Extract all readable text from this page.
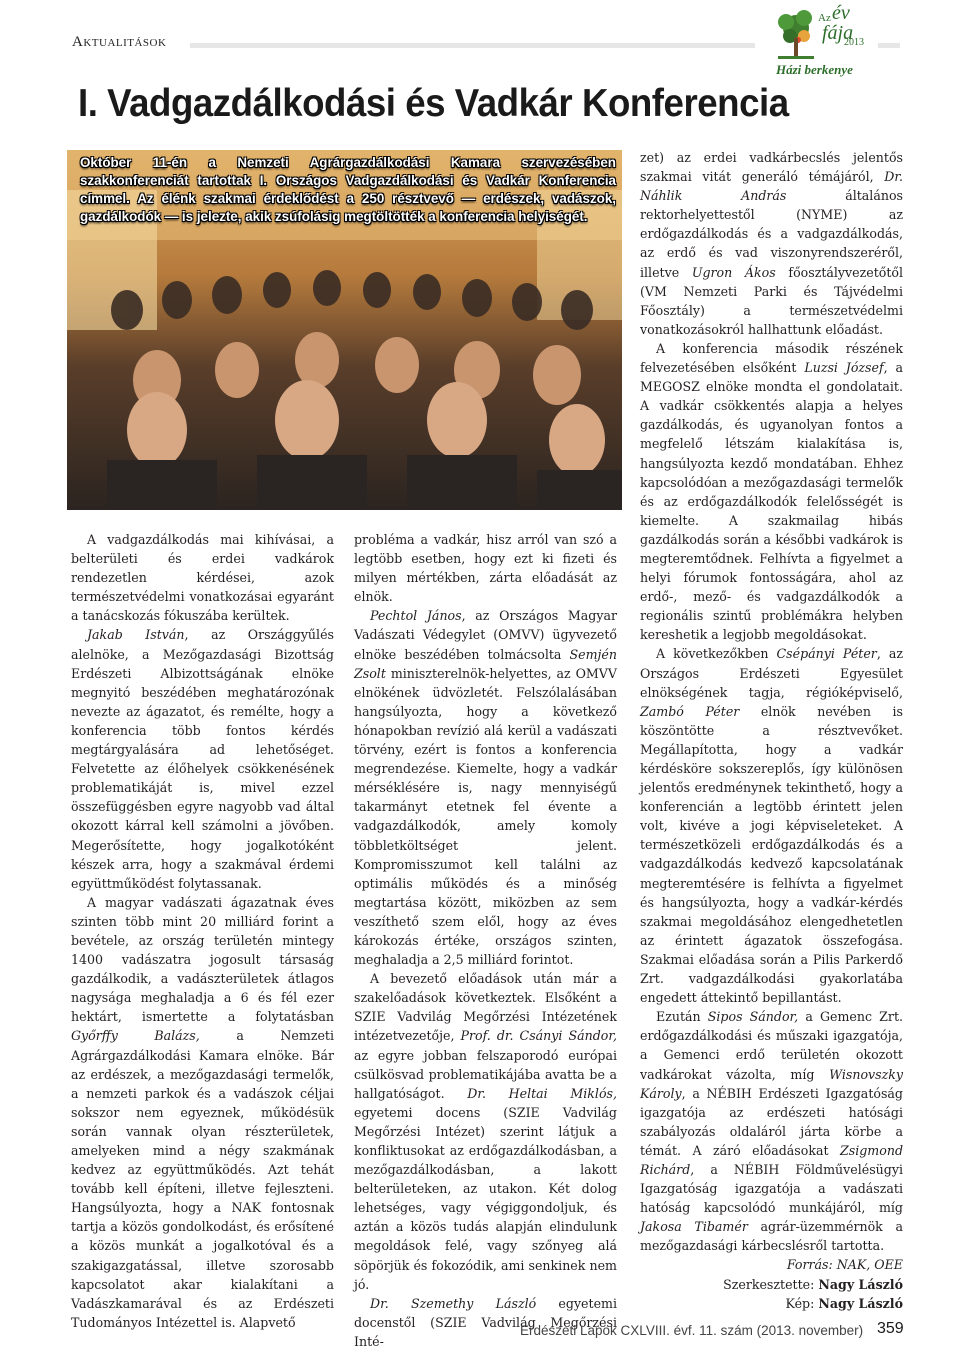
Aktualitások
Az év
fája
2013
Házi berkenye
I. Vadgazdálkodási és Vadkár Konferencia
Október 11-én a Nemzeti Agrárgazdálkodási Kamara szervezésében szakkonferenciát tartottak I. Országos Vadgazdálkodási és Vadkár Konferencia címmel. Az élénk szakmai érdeklődést a 250 résztvevő — erdészek, vadászok, gazdálkodók — is jelezte, akik zsúfolásig megtöltötték a konferencia helyiségét.

A vadgazdálkodás mai kihívásai, a belterületi és erdei vadkárok rendezetlen kérdései, azok természetvédelmi vonatkozásai egyaránt a tanácskozás fókuszába kerültek.

Jakab István, az Országgyűlés alelnöke, a Mezőgazdasági Bizottság Erdészeti Albizottságának elnöke megnyitó beszédében meghatározónak nevezte az ágazatot, és remélte, hogy a konferencia több fontos kérdés megtárgyalására ad lehetőséget. Felvetette az élőhelyek csökkenésének problematikáját is, mivel ezzel összefüggésben egyre nagyobb vad által okozott kárral kell számolni a jövőben. Megerősítette, hogy jogalkotóként készek arra, hogy a szakmával érdemi együttműködést folytassanak.

A magyar vadászati ágazatnak éves szinten több mint 20 milliárd forint a bevétele, az ország területén mintegy 1400 vadászatra jogosult társaság gazdálkodik, a vadászterületek átlagos nagysága meghaladja a 6 és fél ezer hektárt, ismertette a folytatásban Győrffy Balázs, a Nemzeti Agrárgazdálkodási Kamara elnöke. Bár az erdészek, a mezőgazdasági termelők, a nemzeti parkok és a vadászok céljai sokszor nem egyeznek, működésük során vannak olyan részterületek, amelyeken mind a négy szakmának kedvez az együttműködés. Azt tehát tovább kell építeni, illetve fejleszteni. Hangsúlyozta, hogy a NAK fontosnak tartja a közös gondolkodást, és erősítené a közös munkát a jogalkotóval és a szakigazgatással, illetve szorosabb kapcsolatot akar kialakítani a Vadászkamarával és az Erdészeti Tudományos Intézettel is. Alapvető

probléma a vadkár, hisz arról van szó a legtöbb esetben, hogy ezt ki fizeti és milyen mértékben, zárta előadását az elnök.

Pechtol János, az Országos Magyar Vadászati Védegylet (OMVV) ügyvezető elnöke beszédében tolmácsolta Semjén Zsolt miniszterelnök-helyettes, az OMVV elnökének üdvözletét. Felszólalásában hangsúlyozta, hogy a következő hónapokban revízió alá kerül a vadászati törvény, ezért is fontos a konferencia megrendezése. Kiemelte, hogy a vadkár mérséklésére is, nagy mennyiségű takarmányt etetnek fel évente a vadgazdálkodók, amely komoly többletköltséget jelent. Kompromisszumot kell találni az optimális működés és a minőség megtartása között, miközben az sem veszíthető szem elől, hogy az éves károkozás értéke, országos szinten, meghaladja a 2,5 milliárd forintot.

A bevezető előadások után már a szakelőadások következtek. Elsőként a SZIE Vadvilág Megőrzési Intézetének intézetvezetője, Prof. dr. Csányi Sándor, az egyre jobban felszaporodó európai csülkösvad problematikájába avatta be a hallgatóságot. Dr. Heltai Miklós, egyetemi docens (SZIE Vadvilág Megőrzési Intézet) szerint látjuk a konfliktusokat az erdőgazdálkodásban, a mezőgazdálkodásban, a lakott belterületeken, az utakon. Két dolog lehetséges, vagy végiggondoljuk, és aztán a közös tudás alapján elindulunk megoldások felé, vagy szőnyeg alá söpörjük és fokozódik, ami senkinek nem jó.

Dr. Szemethy László egyetemi docenstől (SZIE Vadvilág Megőrzési Inté-

zet) az erdei vadkárbecslés jelentős szakmai vitát generáló témájáról, Dr. Náhlik András általános rektorhelyettestől (NYME) az erdőgazdálkodás és a vadgazdálkodás, az erdő és vad viszonyrendszeréről, illetve Ugron Ákos főosztályvezetőtől (VM Nemzeti Parki és Tájvédelmi Főosztály) a természetvédelmi vonatkozásokról hallhattunk előadást.

A konferencia második részének felvezetésében elsőként Luzsi József, a MEGOSZ elnöke mondta el gondolatait. A vadkár csökkentés alapja a helyes gazdálkodás, és ugyanolyan fontos a megfelelő létszám kialakítása is, hangsúlyozta kezdő mondatában. Ehhez kapcsolódóan a mezőgazdasági termelők és az erdőgazdálkodók felelősségét is kiemelte. A szakmailag hibás gazdálkodás során a későbbi vadkárok is megteremtődnek. Felhívta a figyelmet a helyi fórumok fontosságára, ahol az erdő-, mező- és vadgazdálkodók a regionális szintű problémákra helyben kereshetik a legjobb megoldásokat.

A következőkben Csépányi Péter, az Országos Erdészeti Egyesület elnökségének tagja, régióképviselő, Zambó Péter elnök nevében is köszöntötte a résztvevőket. Megállapította, hogy a vadkár kérdésköre sokszereplős, így különösen jelentős eredménynek tekinthető, hogy a konferencián a legtöbb érintett jelen volt, kivéve a jogi képviseleteket. A természetközeli erdőgazdálkodás és a vadgazdálkodás kedvező kapcsolatának megteremtésére is felhívta a figyelmet és hangsúlyozta, hogy a vadkár-kérdés szakmai megoldásához elengedhetetlen az érintett ágazatok összefogása. Szakmai előadása során a Pilis Parkerdő Zrt. vadgazdálkodási gyakorlatába engedett áttekintő bepillantást.

Ezután Sipos Sándor, a Gemenc Zrt. erdőgazdálkodási és műszaki igazgatója, a Gemenci erdő területén okozott vadkárokat vázolta, míg Wisnovszky Károly, a NÉBIH Erdészeti Igazgatóság igazgatója az erdészeti hatósági szabályozás oldaláról járta körbe a témát. A záró előadásokat Zsigmond Richárd, a NÉBIH Földművelésügyi Igazgatóság igazgatója a vadászati hatóság kapcsolódó munkájáról, míg Jakosa Tibamér agrár-üzemmérnök a mezőgazdasági kárbecslésről tartotta.

Forrás: NAK, OEE

Szerkesztette: Nagy László

Kép: Nagy László

Erdészeti Lapok CXLVIII. évf. 11. szám (2013. november) 359
